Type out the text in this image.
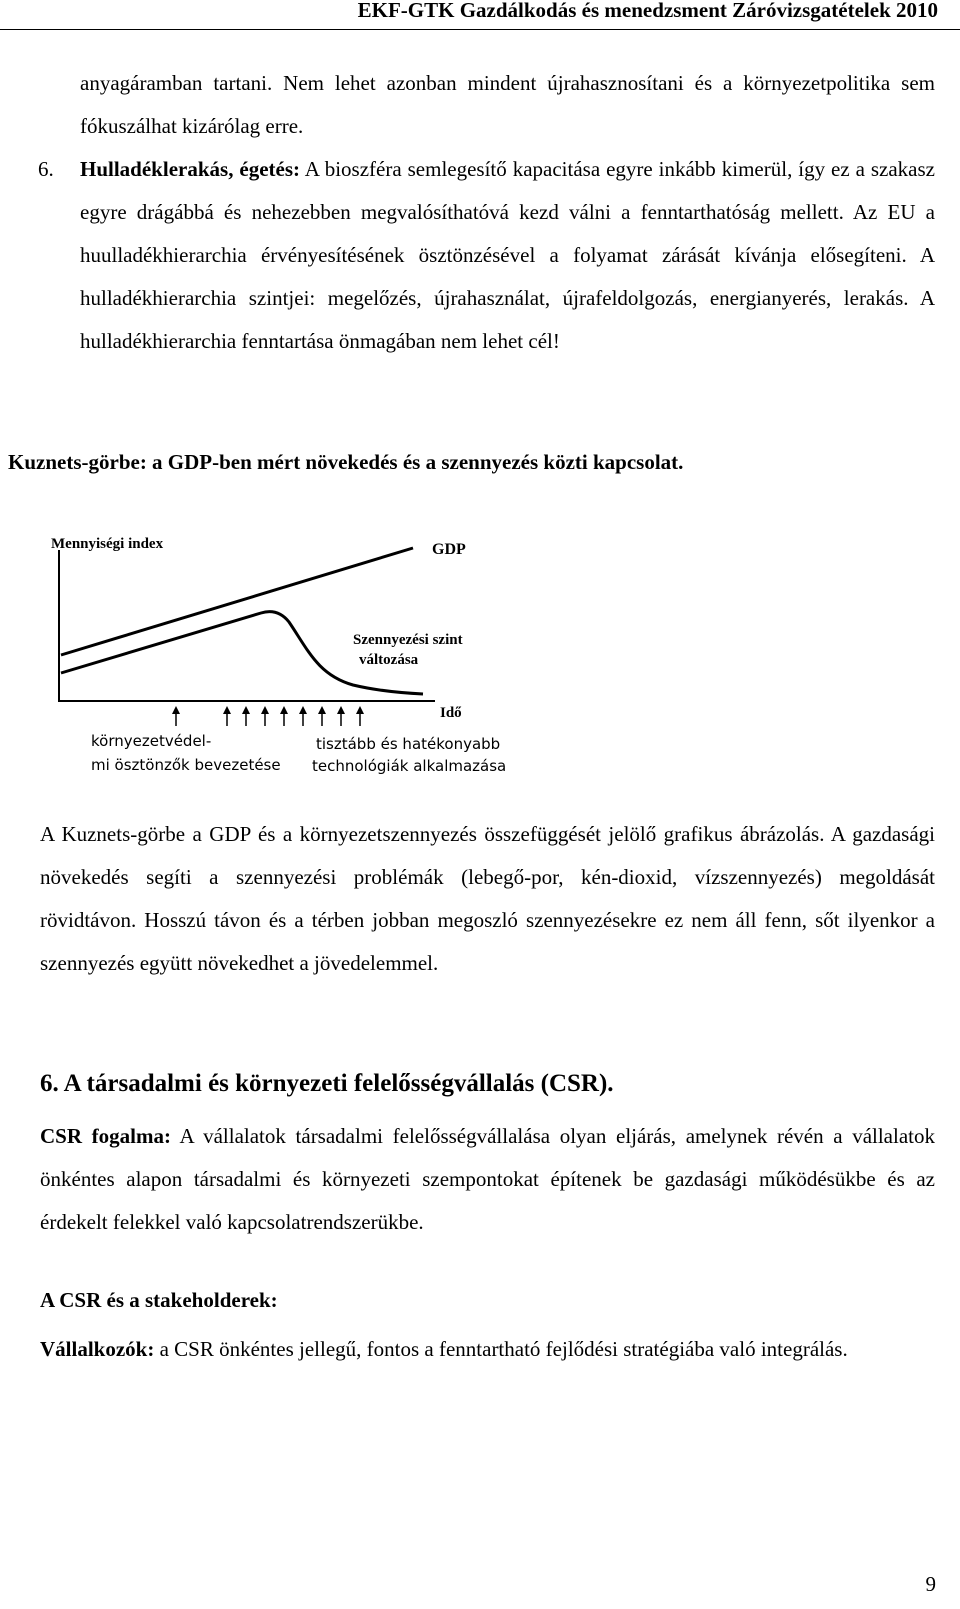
EKF-GTK Gazdálkodás és menedzsment Záróvizsgatételek 2010
anyagáramban tartani. Nem lehet azonban mindent újrahasznosítani és a környezetpolitika sem fókuszálhat kizárólag erre.
6. Hulladéklerakás, égetés: A bioszféra semlegesítő kapacitása egyre inkább kimerül, így ez a szakasz egyre drágábbá és nehezebben megvalósíthatóvá kezd válni a fenntarthatóság mellett. Az EU a huulladékhierarchia érvényesítésének ösztönzésével a folyamat zárását kívánja elősegíteni. A hulladékhierarchia szintjei: megelőzés, újrahasználat, újrafeldolgozás, energianyerés, lerakás. A hulladékhierarchia fenntartása önmagában nem lehet cél!
Kuznets-görbe: a GDP-ben mért növekedés és a szennyezés közti kapcsolat.
Mennyiségi index	GDP
Szennyezési szint
változása
Idő
környezetvédel-
mi ösztönzők bevezetése
tisztább és hatékonyabb
technológiák alkalmazása
A Kuznets-görbe a GDP és a környezetszennyezés összefüggését jelölő grafikus ábrázolás. A gazdasági növekedés segíti a szennyezési problémák (lebegő-por, kén-dioxid, vízszennyezés) megoldását rövidtávon. Hosszú távon és a térben jobban megoszló szennyezésekre ez nem áll fenn, sőt ilyenkor a szennyezés együtt növekedhet a jövedelemmel.
6. A társadalmi és környezeti felelősségvállalás (CSR).
CSR fogalma: A vállalatok társadalmi felelősségvállalása olyan eljárás, amelynek révén a vállalatok önkéntes alapon társadalmi és környezeti szempontokat építenek be gazdasági működésükbe és az érdekelt felekkel való kapcsolatrendszerükbe.
A CSR és a stakeholderek:
Vállalkozók: a CSR önkéntes jellegű, fontos a fenntartható fejlődési stratégiába való integrálás.
9
